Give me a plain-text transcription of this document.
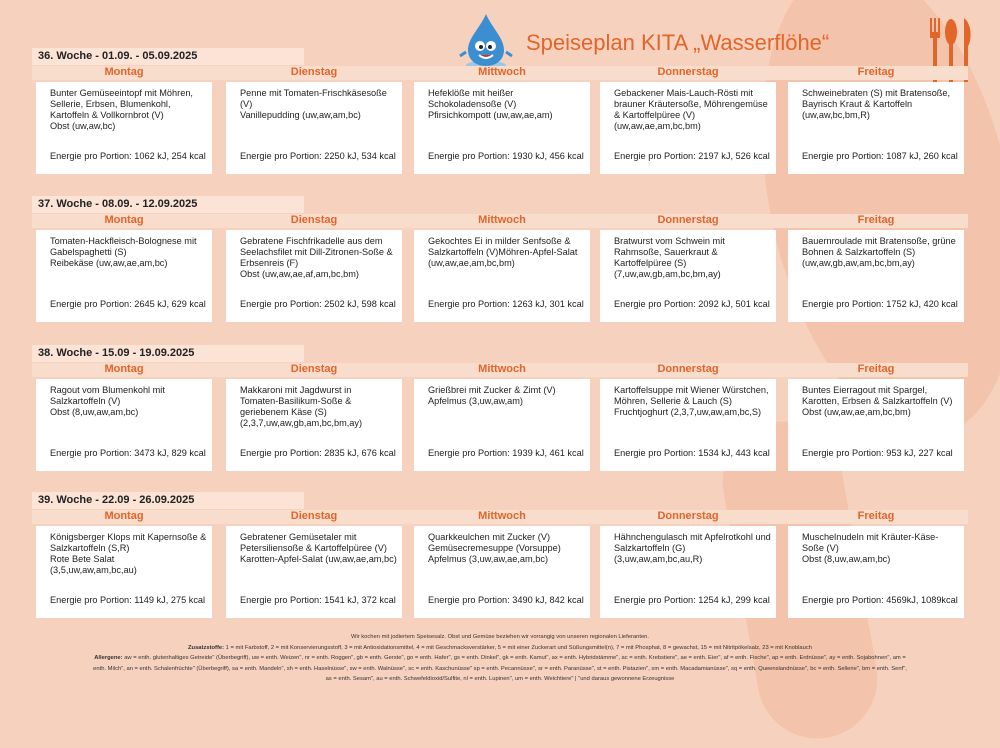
Speiseplan KITA „Wasserflöhe“
36. Woche - 01.09. - 05.09.2025
Montag	Dienstag	Mittwoch	Donnerstag	Freitag
Bunter Gemüseeintopf mit Möhren,
Sellerie, Erbsen, Blumenkohl,
Kartoffeln & Vollkornbrot (V)
Obst (uw,aw,bc)
Energie pro Portion: 1062 kJ, 254 kcal
Penne mit Tomaten-Frischkäsesoße
(V)
Vanillepudding (uw,aw,am,bc)
Energie pro Portion: 2250 kJ, 534 kcal
Hefeklöße mit heißer
Schokoladensoße (V)
Pfirsichkompott (uw,aw,ae,am)
Energie pro Portion: 1930 kJ, 456 kcal
Gebackener Mais-Lauch-Rösti mit
brauner Kräutersoße, Möhrengemüse
& Kartoffelpüree (V)
(uw,aw,ae,am,bc,bm)
Energie pro Portion: 2197 kJ, 526 kcal
Schweinebraten (S) mit Bratensoße,
Bayrisch Kraut & Kartoffeln
(uw,aw,bc,bm,R)
Energie pro Portion: 1087 kJ, 260 kcal
37. Woche - 08.09. - 12.09.2025
Montag	Dienstag	Mittwoch	Donnerstag	Freitag
Tomaten-Hackfleisch-Bolognese mit
Gabelspaghetti (S)
Reibekäse (uw,aw,ae,am,bc)
Energie pro Portion: 2645 kJ, 629 kcal
Gebratene Fischfrikadelle aus dem
Seelachsfilet mit Dill-Zitronen-Soße &
Erbsenreis (F)
Obst (uw,aw,ae,af,am,bc,bm)
Energie pro Portion: 2502 kJ, 598 kcal
Gekochtes Ei in milder Senfsoße &
Salzkartoffeln (V)Möhren-Apfel-Salat
(uw,aw,ae,am,bc,bm)
Energie pro Portion: 1263 kJ, 301 kcal
Bratwurst vom Schwein mit
Rahmsoße, Sauerkraut &
Kartoffelpüree (S)
(7,uw,aw,gb,am,bc,bm,ay)
Energie pro Portion: 2092 kJ, 501 kcal
Bauernroulade mit Bratensoße, grüne
Bohnen & Salzkartoffeln (S)
(uw,aw,gb,aw,am,bc,bm,ay)
Energie pro Portion: 1752 kJ, 420 kcal
38. Woche - 15.09 - 19.09.2025
Montag	Dienstag	Mittwoch	Donnerstag	Freitag
Ragout vom Blumenkohl mit
Salzkartoffeln (V)
Obst (8,uw,aw,am,bc)
Energie pro Portion: 3473 kJ, 829 kcal
Makkaroni mit Jagdwurst in
Tomaten-Basilikum-Soße &
geriebenem Käse (S)
(2,3,7,uw,aw,gb,am,bc,bm,ay)
Energie pro Portion: 2835 kJ, 676 kcal
Grießbrei mit Zucker & Zimt (V)
Apfelmus (3,uw,aw,am)
Energie pro Portion: 1939 kJ, 461 kcal
Kartoffelsuppe mit Wiener Würstchen,
Möhren, Sellerie & Lauch (S)
Fruchtjoghurt (2,3,7,uw,aw,am,bc,S)
Energie pro Portion: 1534 kJ, 443 kcal
Buntes Eierragout mit Spargel,
Karotten, Erbsen & Salzkartoffeln (V)
Obst (uw,aw,ae,am,bc,bm)
Energie pro Portion: 953 kJ, 227 kcal
39. Woche - 22.09 - 26.09.2025
Montag	Dienstag	Mittwoch	Donnerstag	Freitag
Königsberger Klops mit Kapernsoße &
Salzkartoffeln (S,R)
Rote Bete Salat
(3,5,uw,aw,am,bc,au)
Energie pro Portion: 1149 kJ, 275 kcal
Gebratener Gemüsetaler mit
Petersiliensoße & Kartoffelpüree (V)
Karotten-Apfel-Salat (uw,aw,ae,am,bc)
Energie pro Portion: 1541 kJ, 372 kcal
Quarkkeulchen mit Zucker (V)
Gemüsecremesuppe (Vorsuppe)
Apfelmus (3,uw,aw,ae,am,bc)
Energie pro Portion: 3490 kJ, 842 kcal
Hähnchengulasch mit Apfelrotkohl und
Salzkartoffeln (G)
(3,uw,aw,am,bc,au,R)
Energie pro Portion: 1254 kJ, 299 kcal
Muschelnudeln mit Kräuter-Käse-
Soße (V)
Obst (8,uw,aw,am,bc)
Energie pro Portion: 4569kJ, 1089kcal
Wir kochen mit jodiertem Speisesalz. Obst und Gemüse beziehen wir vorrangig von unseren regionalen Lieferanten.
Zusatzstoffe: 1 = mit Farbstoff, 2 = mit Konservierungsstoff, 3 = mit Antioxidationsmittel, 4 = mit Geschmacksverstärker, 5 = mit einer Zuckerart und Süßungsmittel(n), 7 = mit Phosphat, 8 = gewachst, 15 = mit Nitritpökelsalz, 23 = mit Knoblauch
Allergene: aw = enth. glutenhaltiges Getreide" (Überbegriff), uw = enth. Weizen", nr = enth. Roggen", gb = enth. Gerste", go = enth. Hafer", gs = enth. Dinkel", gk = enth. Kamut", ax = enth. Hybridstämme", ac = enth. Krebstiere", ae = enth. Eier", af = enth. Fische", ap = enth. Erdnüsse", ay = enth. Sojabohnen", am =
enth. Milch", an = enth. Schalenfrüchte" (Überbegriff), sa = enth. Mandeln", sh = enth. Haselnüsse", sw = enth. Walnüsse", sc = enth. Kaschunüsse" sp = enth. Pecannüsse", sr = enth. Paranüsse", st = enth. Pistazien", sm = enth. Macadamianüsse", sq = enth. Queenslandnüsse", bc = enth. Sellerie", bm = enth. Senf",
as = enth. Sesam", au = enth. Schwefeldioxid/Sulfite, nl = enth. Lupinen", um = enth. Weichtiere" | "und daraus gewonnene Erzeugnisse
